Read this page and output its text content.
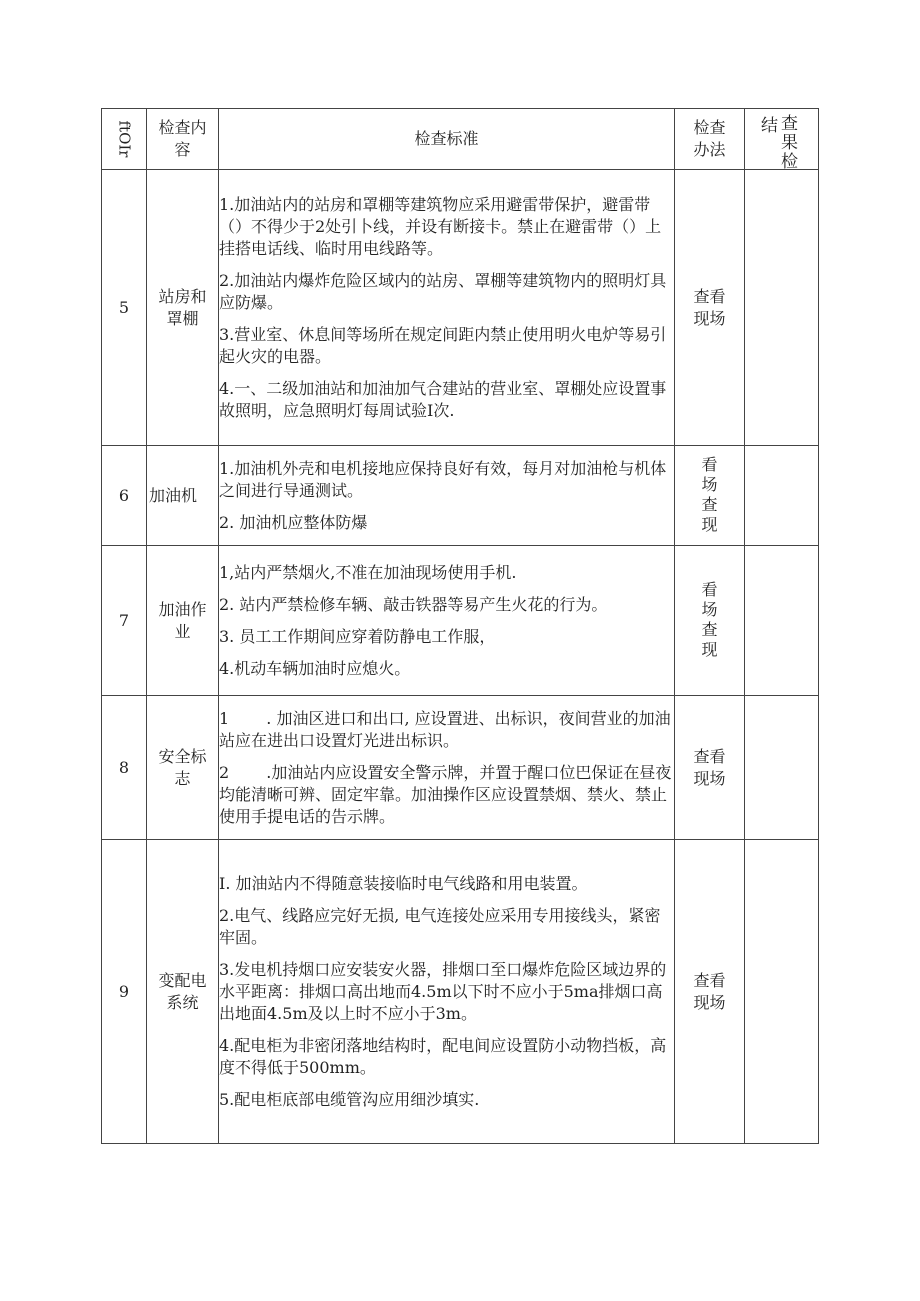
ftOIr	检查内容	检查标准	检查办法	结 查果检

5	站房和罩棚	1.加油站内的站房和罩棚等建筑物应采用避雷带保护，避雷带（）不得少于2处引卜线，并设有断接卡。禁止在避雷带（）上挂搭电话线、临时用电线路等。

2.加油站内爆炸危险区域内的站房、罩棚等建筑物内的照明灯具应防爆。

3.营业室、休息间等场所在规定间距内禁止使用明火电炉等易引起火灾的电器。

4.一、二级加油站和加油加气合建站的营业室、罩棚处应设置事故照明，应急照明灯每周试验I次.	查看现场	
6	加油机	1.加油机外壳和电机接地应保持良好有效，每月对加油枪与机体之间进行导通测试。

2. 加油机应整体防爆	看场查现	
7	加油作业	1,站内严禁烟火,不准在加油现场使用手机.

2. 站内严禁检修车辆、敲击铁器等易产生火花的行为。

3. 员工工作期间应穿着防静电工作服，

4.机动车辆加油时应熄火。	看场查现	
8	安全标志	1　　 . 加油区进口和出口, 应设置进、出标识，夜间营业的加油站应在进出口设置灯光进出标识。

2　　 .加油站内应设置安全警示牌，并置于醒口位巴保证在昼夜均能清晰可辨、固定牢靠。加油操作区应设置禁烟、禁火、禁止使用手提电话的告示牌。	查看现场	
9	变配电系统	I. 加油站内不得随意装接临时电气线路和用电装置。

2.电气、线路应完好无损, 电气连接处应采用专用接线头，紧密牢固。

3.发电机持烟口应安装安火器，排烟口至口爆炸危险区域边界的水平距离：排烟口高出地而4.5m以下时不应小于5ma排烟口高出地面4.5m及以上时不应小于3m。

4.配电柜为非密闭落地结构时，配电间应设置防小动物挡板，高度不得低于500mm。

5.配电柜底部电缆管沟应用细沙填实.	查看现场	
